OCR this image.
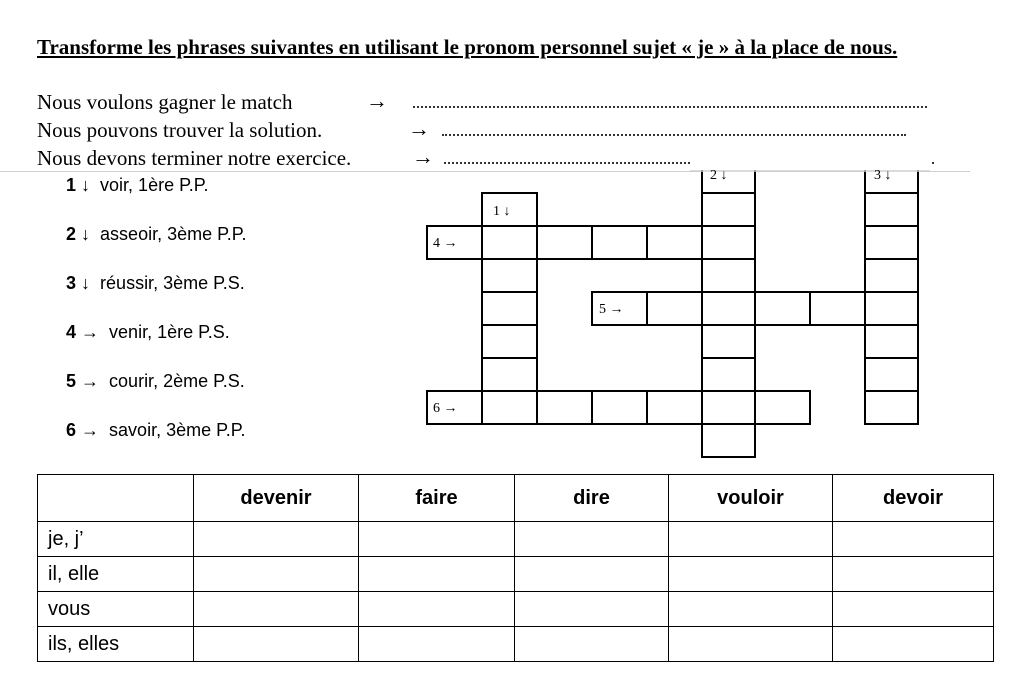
Transforme les phrases suivantes en utilisant le pronom personnel sujet « je » à la place de nous.
Nous voulons gagner le match	→
Nous pouvons trouver la solution.	→
Nous devons terminer notre exercice.	→
1 ↓ voir, 1ère P.P.
2 ↓ asseoir, 3ème P.P.
3 ↓ réussir, 3ème P.S.
4 → venir, 1ère P.S.
5 → courir, 2ème P.S.
6 → savoir, 3ème P.P.
1 ↓
2 ↓	3 ↓
4 →
5 →
6 →
	devenir	faire	dire	vouloir	devoir
je, j’					
il, elle					
vous					
ils, elles					
